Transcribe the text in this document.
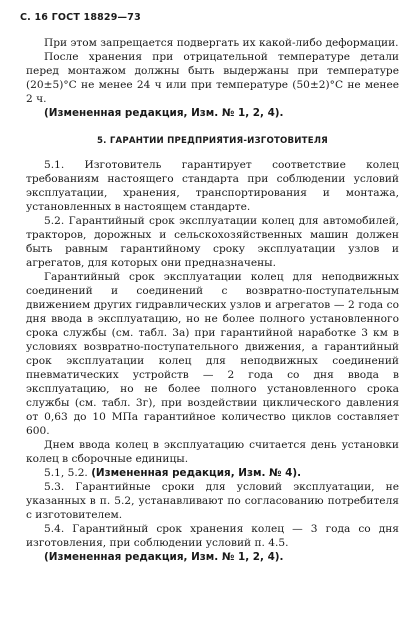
С. 16 ГОСТ 18829—73

При этом запрещается подвергать их какой-либо деформации.

После хранения при отрицательной температуре детали перед монтажом должны быть выдержаны при температуре (20±5)°С не менее 24 ч или при температуре (50±2)°С не менее 2 ч.

(Измененная редакция, Изм. № 1, 2, 4).

5. ГАРАНТИИ ПРЕДПРИЯТИЯ-ИЗГОТОВИТЕЛЯ

5.1. Изготовитель гарантирует соответствие колец требованиям настоящего стандарта при соблюдении условий эксплуатации, хранения, транспортирования и монтажа, установленных в настоящем стандарте.

5.2. Гарантийный срок эксплуатации колец для автомобилей, тракторов, дорожных и сельскохозяйственных машин должен быть равным гарантийному сроку эксплуатации узлов и агрегатов, для которых они предназначены.

Гарантийный срок эксплуатации колец для неподвижных соединений и соединений с возвратно-поступательным движением других гидравлических узлов и агрегатов — 2 года со дня ввода в эксплуатацию, но не более полного установленного срока службы (см. табл. 3а) при гарантийной наработке 3 км в условиях возвратно-поступательного движения, а гарантийный срок эксплуатации колец для неподвижных соединений пневматических устройств — 2 года со дня ввода в эксплуатацию, но не более полного установленного срока службы (см. табл. 3г), при воздействии циклического давления от 0,63 до 10 МПа гарантийное количество циклов составляет 600.

Днем ввода колец в эксплуатацию считается день установки колец в сборочные единицы.

5.1, 5.2. (Измененная редакция, Изм. № 4).

5.3. Гарантийные сроки для условий эксплуатации, не указанных в п. 5.2, устанавливают по согласованию потребителя с изготовителем.

5.4. Гарантийный срок хранения колец — 3 года со дня изготовления, при соблюдении условий п. 4.5.

(Измененная редакция, Изм. № 1, 2, 4).
